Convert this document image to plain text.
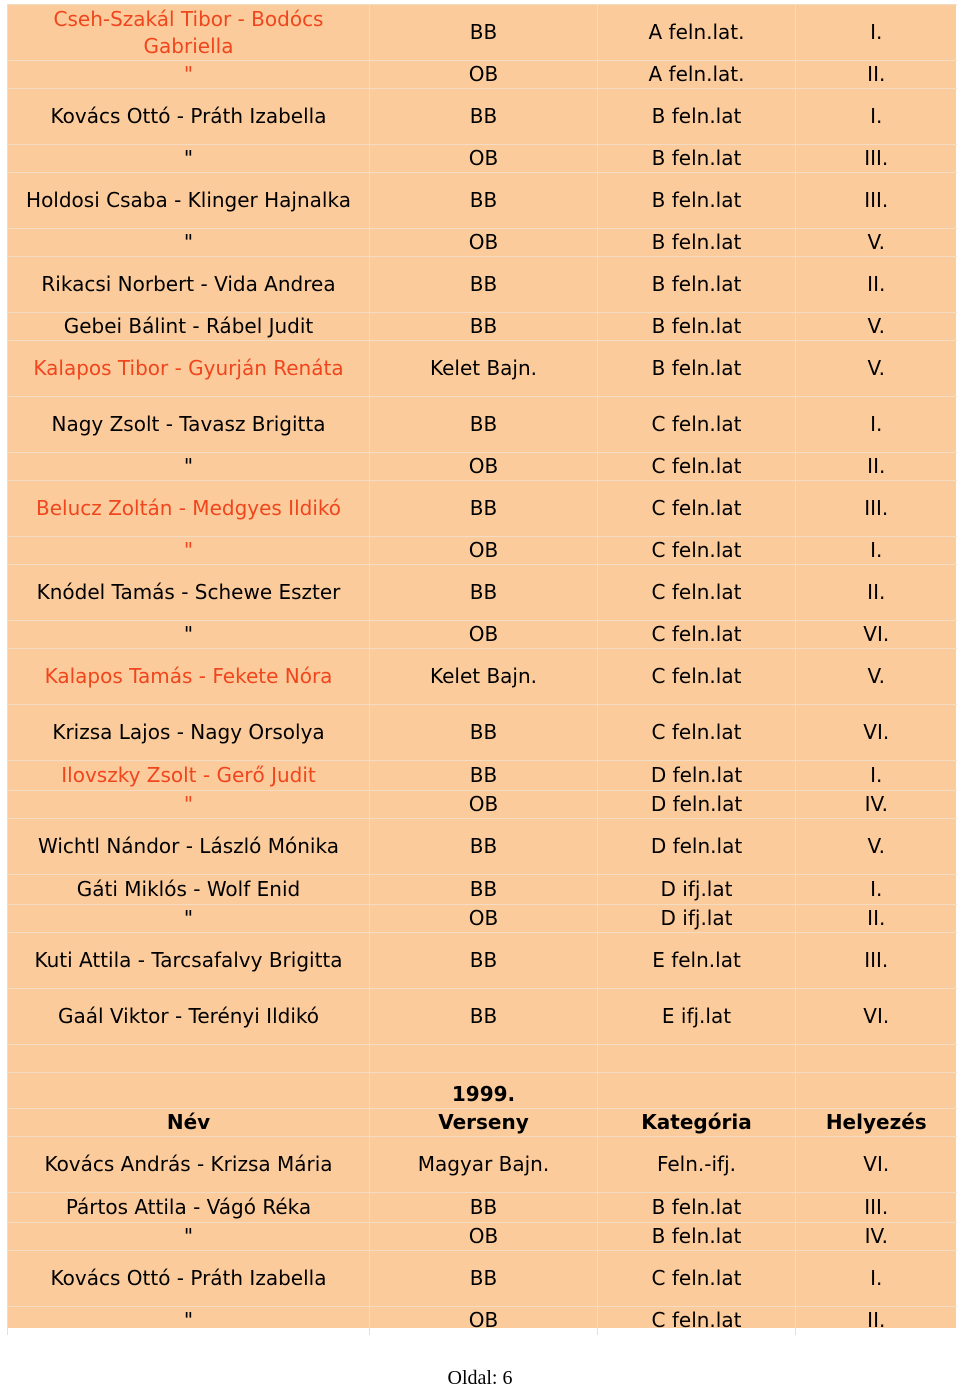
Cseh-Szakál Tibor - Bodócs Gabriella	BB	A feln.lat.	I.
"	OB	A feln.lat.	II.
Kovács Ottó - Práth Izabella	BB	B feln.lat	I.
"	OB	B feln.lat	III.
Holdosi Csaba - Klinger Hajnalka	BB	B feln.lat	III.
"	OB	B feln.lat	V.
Rikacsi Norbert - Vida Andrea	BB	B feln.lat	II.
Gebei Bálint - Rábel Judit	BB	B feln.lat	V.
Kalapos Tibor - Gyurján Renáta	Kelet Bajn.	B feln.lat	V.
Nagy Zsolt - Tavasz Brigitta	BB	C feln.lat	I.
"	OB	C feln.lat	II.
Belucz Zoltán - Medgyes Ildikó	BB	C feln.lat	III.
"	OB	C feln.lat	I.
Knódel Tamás - Schewe Eszter	BB	C feln.lat	II.
"	OB	C feln.lat	VI.
Kalapos Tamás - Fekete Nóra	Kelet Bajn.	C feln.lat	V.
Krizsa Lajos - Nagy Orsolya	BB	C feln.lat	VI.
Ilovszky Zsolt - Gerő Judit	BB	D feln.lat	I.
"	OB	D feln.lat	IV.
Wichtl Nándor - László Mónika	BB	D feln.lat	V.
Gáti Miklós - Wolf Enid	BB	D ifj.lat	I.
"	OB	D ifj.lat	II.
Kuti Attila - Tarcsafalvy Brigitta	BB	E feln.lat	III.
Gaál Viktor - Terényi Ildikó	BB	E ifj.lat	VI.

	1999.		
Név	Verseny	Kategória	Helyezés
Kovács András - Krizsa Mária	Magyar Bajn.	Feln.-ifj.	VI.
Pártos Attila - Vágó Réka	BB	B feln.lat	III.
"	OB	B feln.lat	IV.
Kovács Ottó - Práth Izabella	BB	C feln.lat	I.
"	OB	C feln.lat	II.
Oldal: 6
